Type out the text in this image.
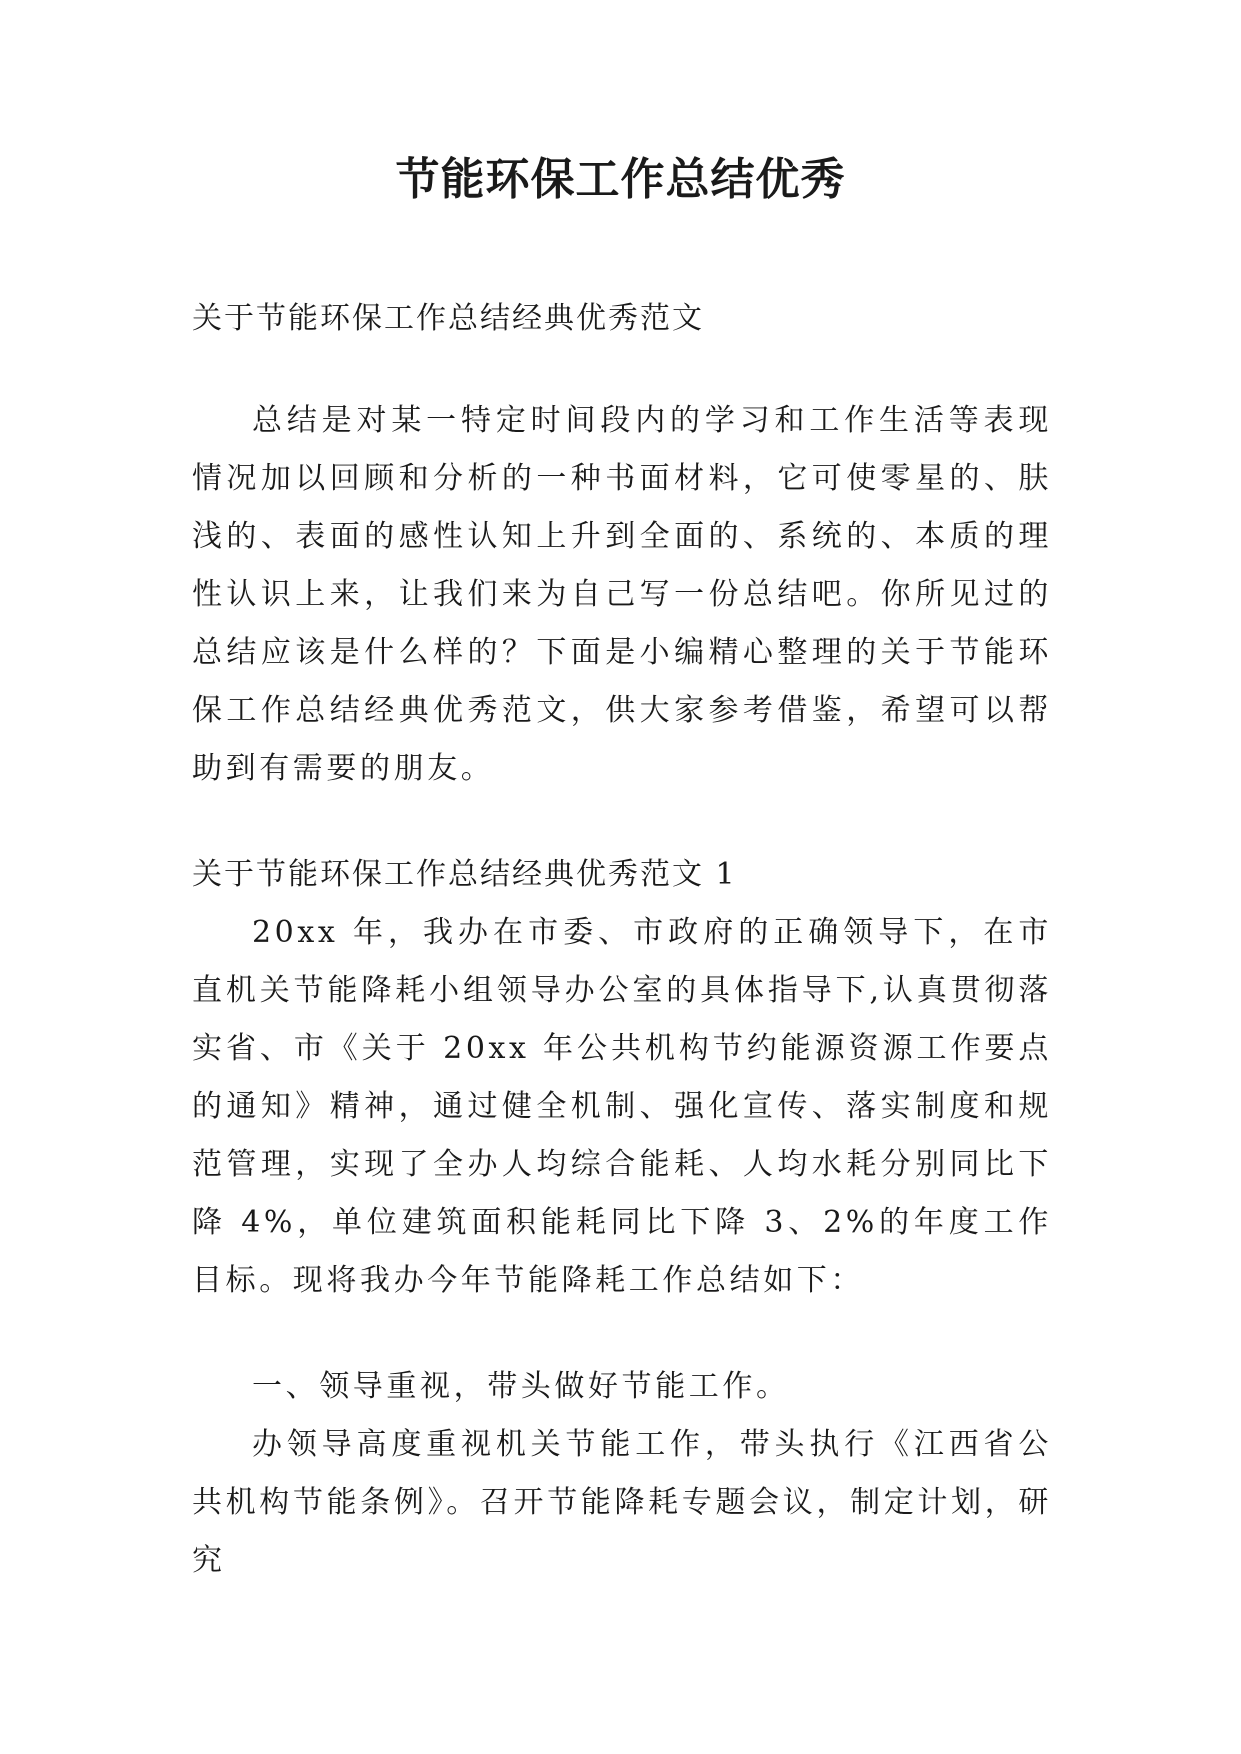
节能环保工作总结优秀

关于节能环保工作总结经典优秀范文

总结是对某一特定时间段内的学习和工作生活等表现情况加以回顾和分析的一种书面材料，它可使零星的、肤浅的、表面的感性认知上升到全面的、系统的、本质的理性认识上来，让我们来为自己写一份总结吧。你所见过的总结应该是什么样的？下面是小编精心整理的关于节能环保工作总结经典优秀范文，供大家参考借鉴，希望可以帮助到有需要的朋友。

关于节能环保工作总结经典优秀范文 1

20xx 年，我办在市委、市政府的正确领导下，在市直机关节能降耗小组领导办公室的具体指导下,认真贯彻落实省、市《关于 20xx 年公共机构节约能源资源工作要点的通知》精神，通过健全机制、强化宣传、落实制度和规范管理，实现了全办人均综合能耗、人均水耗分别同比下降 4%，单位建筑面积能耗同比下降 3、2%的年度工作目标。现将我办今年节能降耗工作总结如下：

一、领导重视，带头做好节能工作。

办领导高度重视机关节能工作，带头执行《江西省公共机构节能条例》。召开节能降耗专题会议，制定计划，研究
